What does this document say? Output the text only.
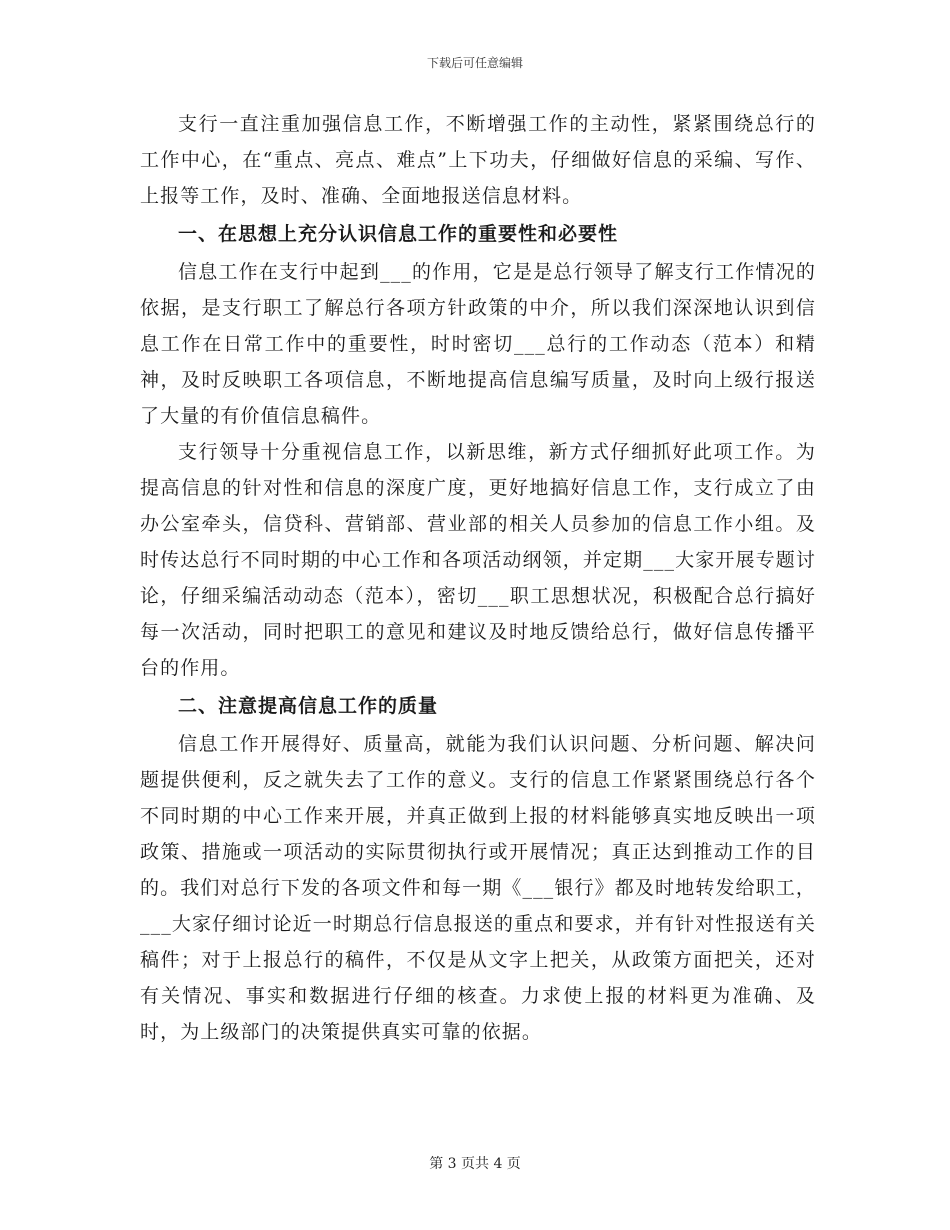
下载后可任意编辑

支行一直注重加强信息工作，不断增强工作的主动性，紧紧围绕总行的工作中心，在“重点、亮点、难点”上下功夫，仔细做好信息的采编、写作、上报等工作，及时、准确、全面地报送信息材料。

一、在思想上充分认识信息工作的重要性和必要性

信息工作在支行中起到___的作用，它是是总行领导了解支行工作情况的依据，是支行职工了解总行各项方针政策的中介，所以我们深深地认识到信息工作在日常工作中的重要性，时时密切___总行的工作动态（范本）和精神，及时反映职工各项信息，不断地提高信息编写质量，及时向上级行报送了大量的有价值信息稿件。

支行领导十分重视信息工作，以新思维，新方式仔细抓好此项工作。为提高信息的针对性和信息的深度广度，更好地搞好信息工作，支行成立了由办公室牵头，信贷科、营销部、营业部的相关人员参加的信息工作小组。及时传达总行不同时期的中心工作和各项活动纲领，并定期___大家开展专题讨论，仔细采编活动动态（范本），密切___职工思想状况，积极配合总行搞好每一次活动，同时把职工的意见和建议及时地反馈给总行，做好信息传播平台的作用。

二、注意提高信息工作的质量

信息工作开展得好、质量高，就能为我们认识问题、分析问题、解决问题提供便利，反之就失去了工作的意义。支行的信息工作紧紧围绕总行各个不同时期的中心工作来开展，并真正做到上报的材料能够真实地反映出一项政策、措施或一项活动的实际贯彻执行或开展情况；真正达到推动工作的目的。我们对总行下发的各项文件和每一期《___银行》都及时地转发给职工，___大家仔细讨论近一时期总行信息报送的重点和要求，并有针对性报送有关稿件；对于上报总行的稿件，不仅是从文字上把关，从政策方面把关，还对有关情况、事实和数据进行仔细的核查。力求使上报的材料更为准确、及时，为上级部门的决策提供真实可靠的依据。

第 3 页共 4 页
